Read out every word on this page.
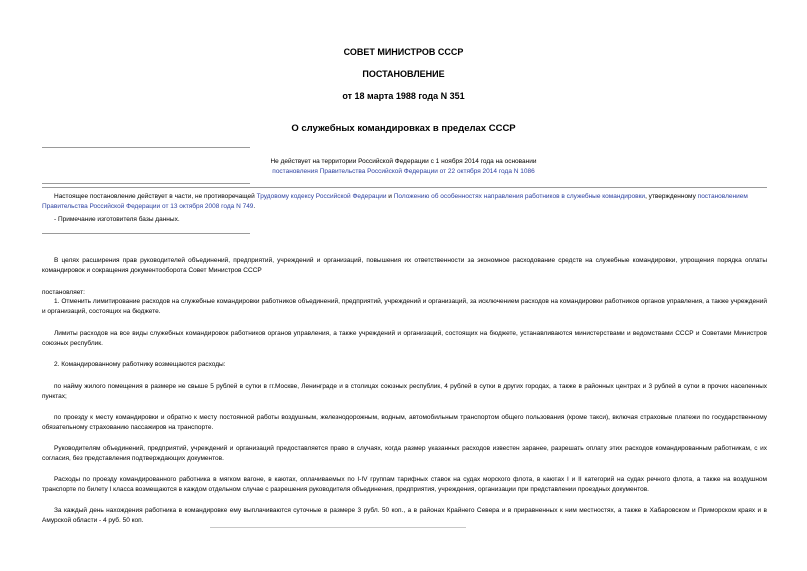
СОВЕТ МИНИСТРОВ СССР
ПОСТАНОВЛЕНИЕ
от 18 марта 1988 года N 351
О служебных командировках в пределах СССР
Не действует на территории Российской Федерации с 1 ноября 2014 года на основании
постановления Правительства Российской Федерации от 22 октября 2014 года N 1086
Настоящее постановление действует в части, не противоречащей Трудовому кодексу Российской Федерации и Положению об особенностях направления работников в служебные командировки, утвержденному постановлением Правительства Российской Федерации от 13 октября 2008 года N 749.
- Примечание изготовителя базы данных.
В целях расширения прав руководителей объединений, предприятий, учреждений и организаций, повышения их ответственности за экономное расходование средств на служебные командировки, упрощения порядка оплаты командировок и сокращения документооборота Совет Министров СССР
постановляет:
1. Отменить лимитирование расходов на служебные командировки работников объединений, предприятий, учреждений и организаций, за исключением расходов на командировки работников органов управления, а также учреждений и организаций, состоящих на бюджете.
Лимиты расходов на все виды служебных командировок работников органов управления, а также учреждений и организаций, состоящих на бюджете, устанавливаются министерствами и ведомствами СССР и Советами Министров союзных республик.
2. Командированному работнику возмещаются расходы:
по найму жилого помещения в размере не свыше 5 рублей в сутки в гг.Москве, Ленинграде и в столицах союзных республик, 4 рублей в сутки в других городах, а также в районных центрах и 3 рублей в сутки в прочих населенных пунктах;
по проезду к месту командировки и обратно к месту постоянной работы воздушным, железнодорожным, водным, автомобильным транспортом общего пользования (кроме такси), включая страховые платежи по государственному обязательному страхованию пассажиров на транспорте.
Руководителям объединений, предприятий, учреждений и организаций предоставляется право в случаях, когда размер указанных расходов известен заранее, разрешать оплату этих расходов командированным работникам, с их согласия, без представления подтверждающих документов.
Расходы по проезду командированного работника в мягком вагоне, в каютах, оплачиваемых по I-IV группам тарифных ставок на судах морского флота, в каютах I и II категорий на судах речного флота, а также на воздушном транспорте по билету I класса возмещаются в каждом отдельном случае с разрешения руководителя объединения, предприятия, учреждения, организации при представлении проездных документов.
За каждый день нахождения работника в командировке ему выплачиваются суточные в размере 3 рубл. 50 коп., а в районах Крайнего Севера и в приравненных к ним местностях, а также в Хабаровском и Приморском краях и в Амурской области - 4 руб. 50 коп.
